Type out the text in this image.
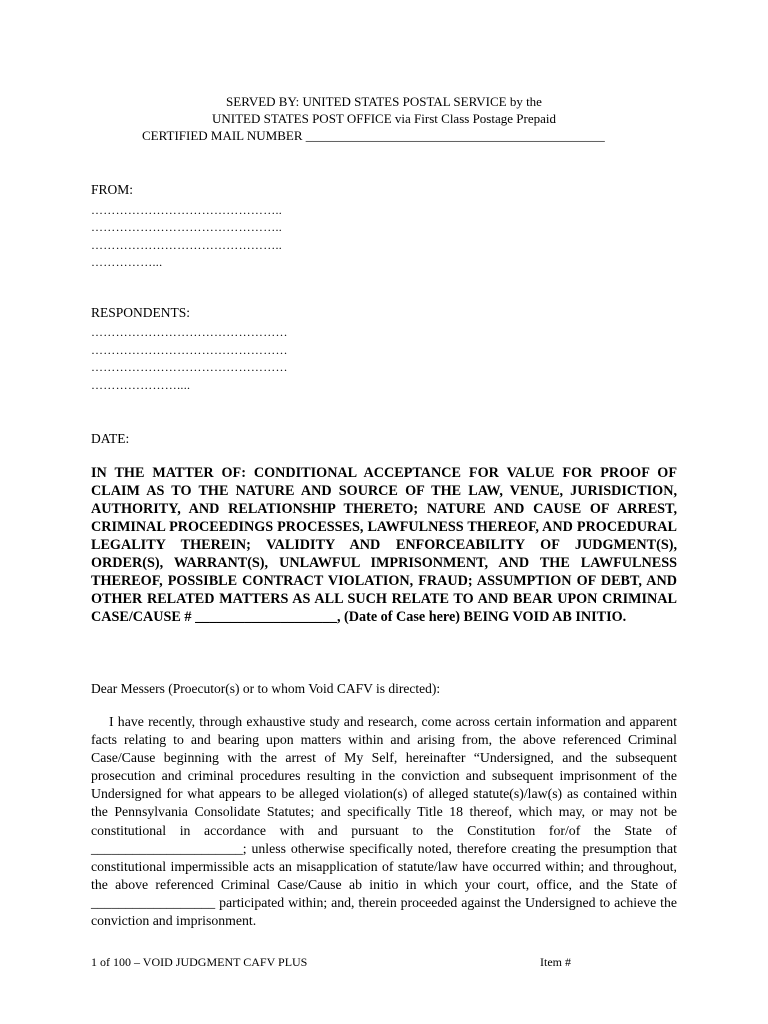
SERVED BY: UNITED STATES POSTAL SERVICE by the
UNITED STATES POST OFFICE via First Class Postage Prepaid
CERTIFIED MAIL NUMBER ______________________________________________
FROM:
………………………………………..
………………………………………..
………………………………………..
……………...
RESPONDENTS:
…………………………………………
…………………………………………
…………………………………………
…………………....
DATE:
IN THE MATTER OF: CONDITIONAL ACCEPTANCE FOR VALUE FOR PROOF OF CLAIM AS TO THE NATURE AND SOURCE OF THE LAW, VENUE, JURISDICTION, AUTHORITY, AND RELATIONSHIP THERETO; NATURE AND CAUSE OF ARREST, CRIMINAL PROCEEDINGS PROCESSES, LAWFULNESS THEREOF, AND PROCEDURAL LEGALITY THEREIN; VALIDITY AND ENFORCEABILITY OF JUDGMENT(S), ORDER(S), WARRANT(S), UNLAWFUL IMPRISONMENT, AND THE LAWFULNESS THEREOF, POSSIBLE CONTRACT VIOLATION, FRAUD; ASSUMPTION OF DEBT, AND OTHER RELATED MATTERS AS ALL SUCH RELATE TO AND BEAR UPON CRIMINAL CASE/CAUSE # ____________________, (Date of Case here) BEING VOID AB INITIO.
Dear Messers (Proecutor(s) or to whom Void CAFV is directed):
I have recently, through exhaustive study and research, come across certain information and apparent facts relating to and bearing upon matters within and arising from, the above referenced Criminal Case/Cause beginning with the arrest of My Self, hereinafter “Undersigned, and the subsequent prosecution and criminal procedures resulting in the conviction and subsequent imprisonment of the Undersigned for what appears to be alleged violation(s) of alleged statute(s)/law(s) as contained within the Pennsylvania Consolidate Statutes; and specifically Title 18 thereof, which may, or may not be constitutional in accordance with and pursuant to the Constitution for/of the State of ______________________; unless otherwise specifically noted, therefore creating the presumption that constitutional impermissible acts an misapplication of statute/law have occurred within; and throughout, the above referenced Criminal Case/Cause ab initio in which your court, office, and the State of __________________ participated within; and, therein proceeded against the Undersigned to achieve the conviction and imprisonment.
1 of 100 – VOID JUDGMENT CAFV PLUS	Item #
